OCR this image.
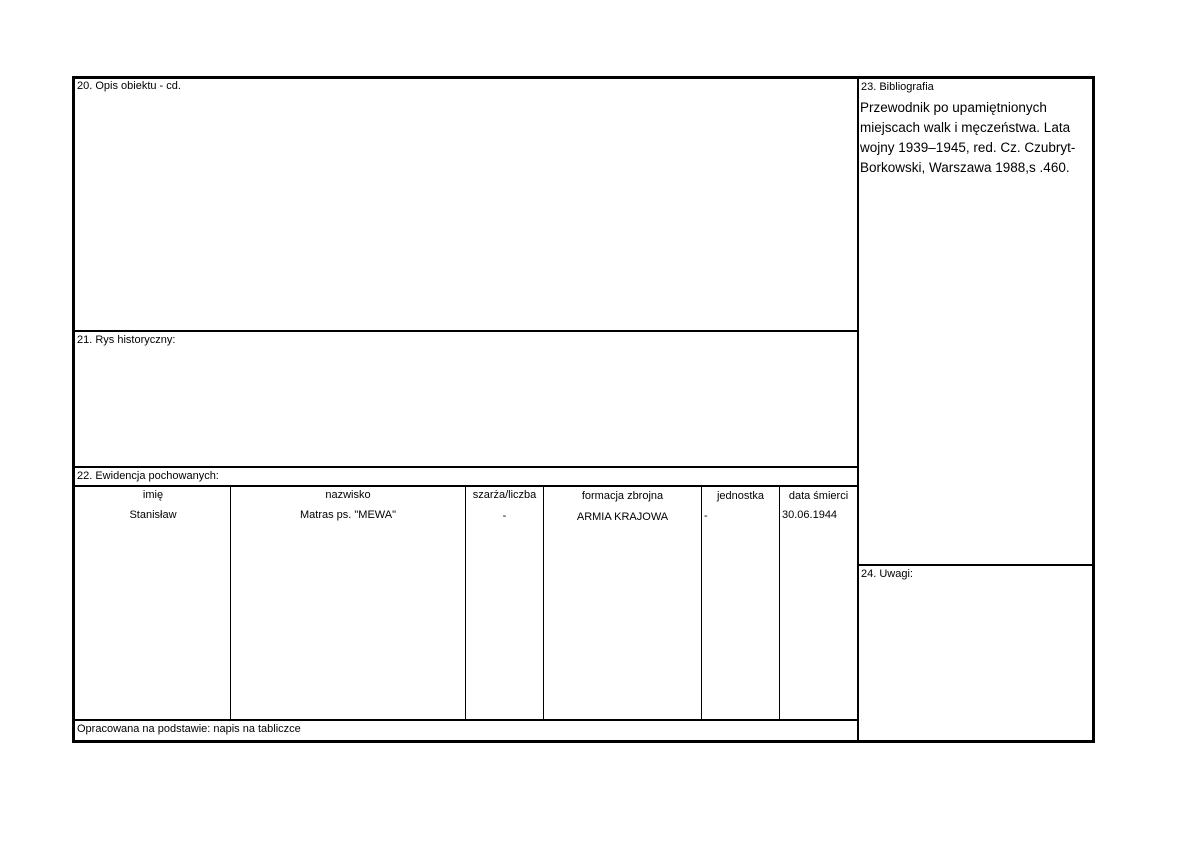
20. Opis obiektu - cd.
21. Rys historyczny:
22. Ewidencja pochowanych:
23. Bibliografia
24. Uwagi:
Przewodnik po upamiętnionych
miejscach walk i męczeństwa. Lata
wojny 1939–1945, red. Cz. Czubryt-
Borkowski, Warszawa 1988,s .460.
imię	nazwisko	szarża/liczba	formacja zbrojna	jednostka	data śmierci
Stanisław	Matras ps. "MEWA"	-	ARMIA KRAJOWA	-	30.06.1944
Opracowana na podstawie: napis na tabliczce
